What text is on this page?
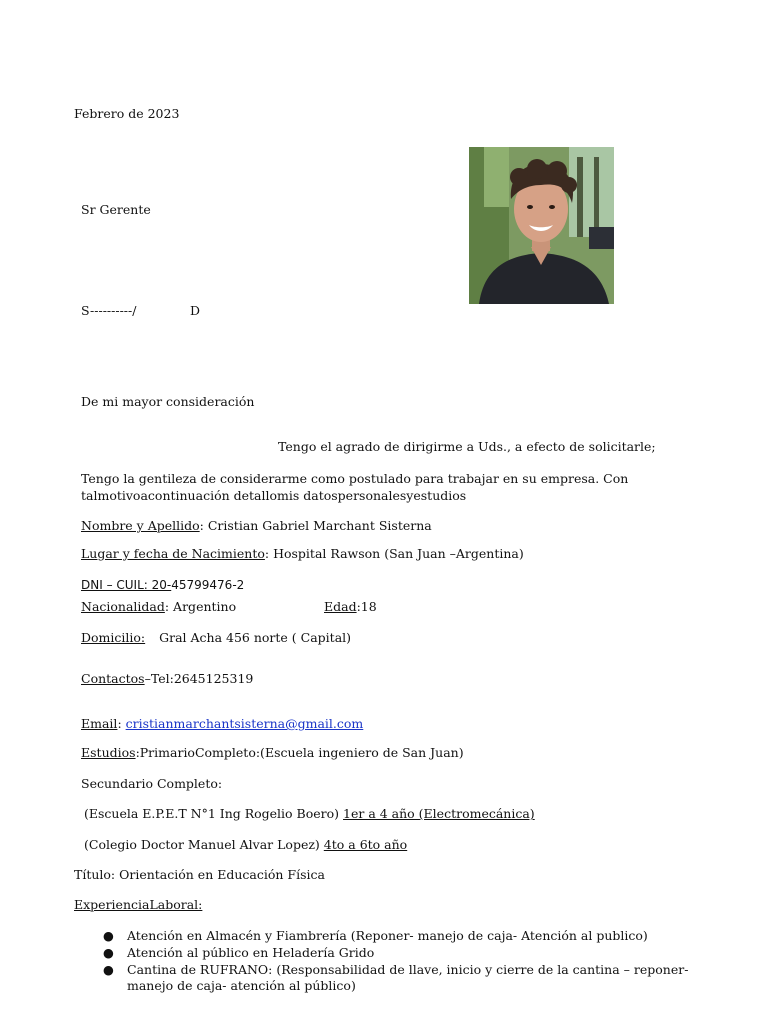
Febrero de 2023
Sr Gerente
S----------/	D
De mi mayor consideración
Tengo el agrado de dirigirme a Uds., a efecto de solicitarle;
Tengo la gentileza de considerarme como postulado para trabajar en su empresa. Con
talmotivoacontinuación detallomis datospersonalesyestudios
Nombre y Apellido: Cristian Gabriel Marchant Sisterna
Lugar y fecha de Nacimiento: Hospital Rawson (San Juan –Argentina)
DNI – CUIL: 20-45799476-2
Nacionalidad: Argentino	Edad:18
Domicilio: Gral Acha 456 norte ( Capital)
Contactos–Tel:2645125319
Email: cristianmarchantsisterna@gmail.com
Estudios:PrimarioCompleto:(Escuela ingeniero de San Juan)
Secundario Completo:
(Escuela E.P.E.T N°1 Ing Rogelio Boero) 1er a 4 año (Electromecánica)
(Colegio Doctor Manuel Alvar Lopez) 4to a 6to año
Título: Orientación en Educación Física
ExperienciaLaboral:
● Atención en Almacén y Fiambrería (Reponer- manejo de caja- Atención al publico)
● Atención al público en Heladería Grido
● Cantina de RUFRANO: (Responsabilidad de llave, inicio y cierre de la cantina – reponer- manejo de caja- atención al público)
